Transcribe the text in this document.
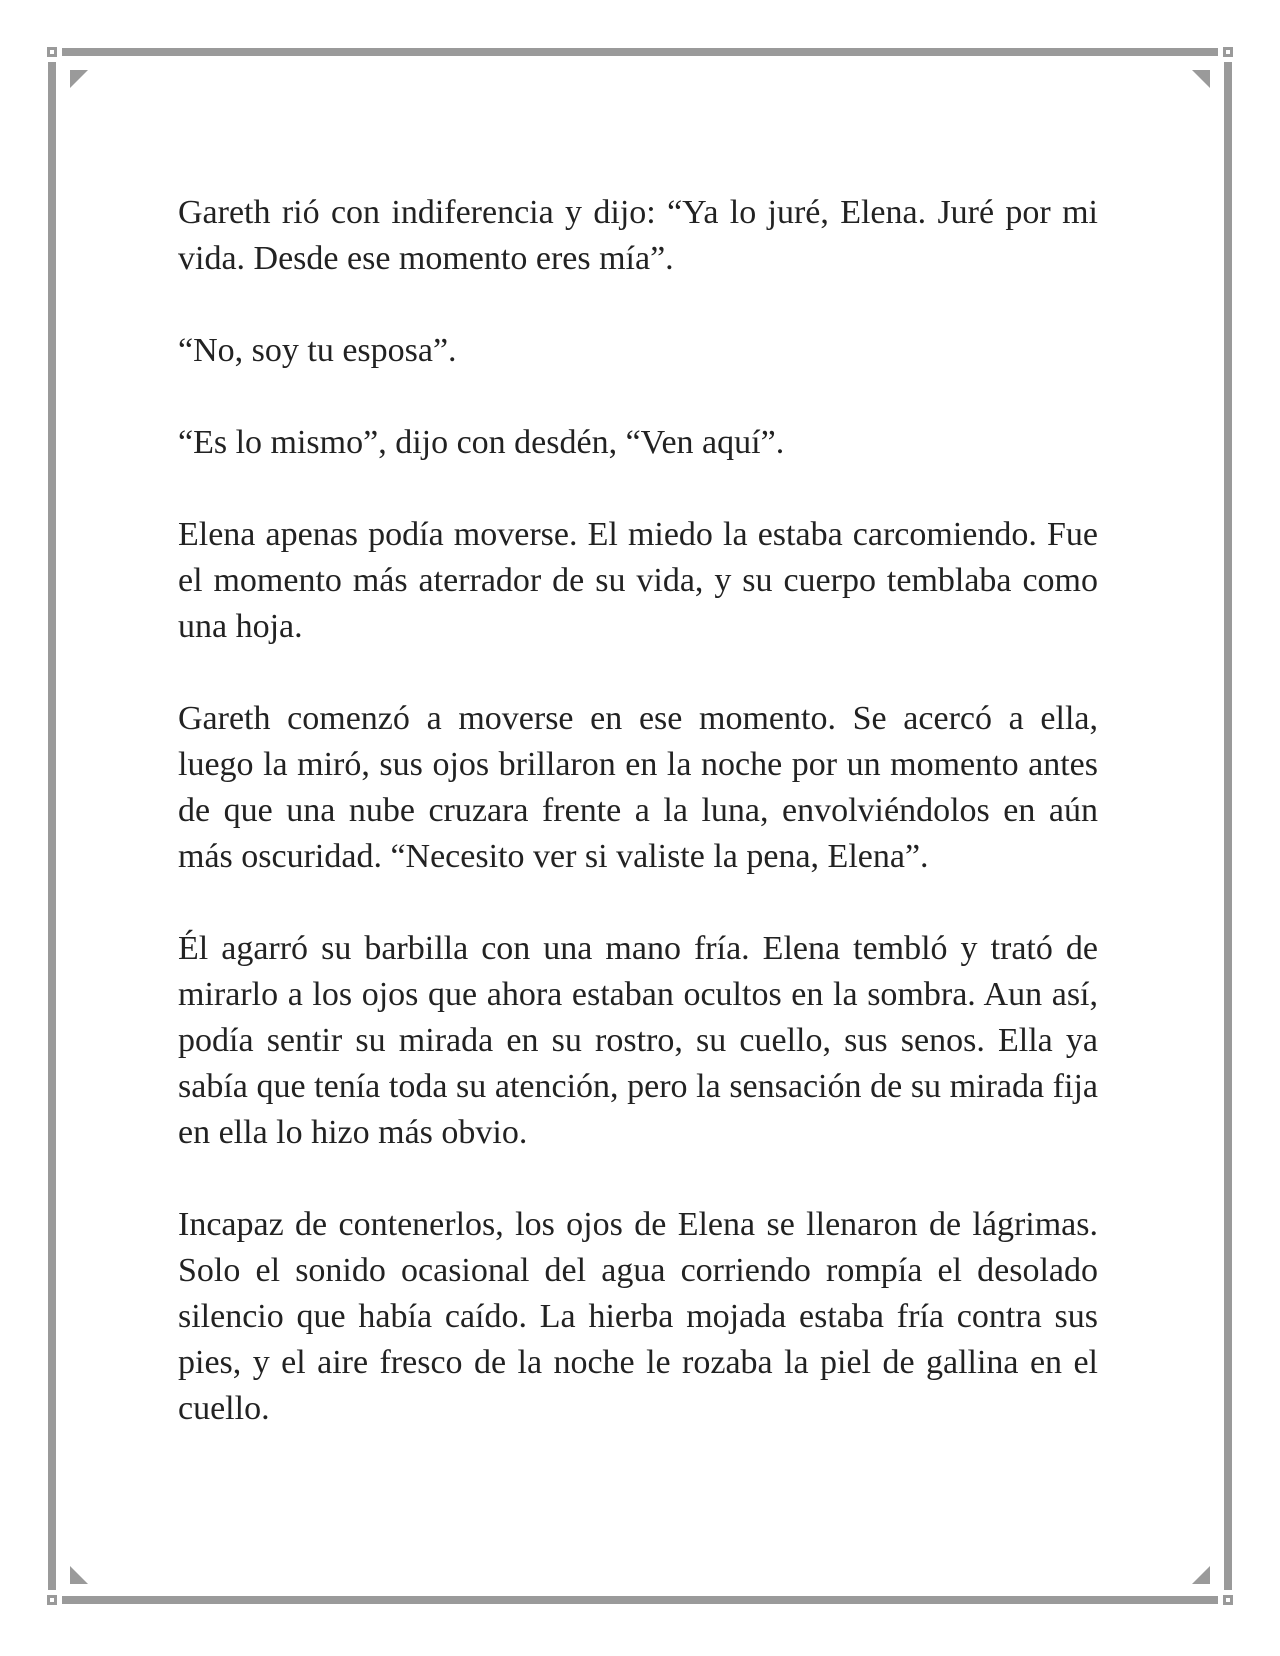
Gareth rió con indiferencia y dijo: “Ya lo juré, Elena. Juré por mi vida. Desde ese momento eres mía”.

“No, soy tu esposa”.

“Es lo mismo”, dijo con desdén, “Ven aquí”.

Elena apenas podía moverse. El miedo la estaba carcomiendo. Fue el momento más aterrador de su vida, y su cuerpo temblaba como una hoja.

Gareth comenzó a moverse en ese momento. Se acercó a ella, luego la miró, sus ojos brillaron en la noche por un momento antes de que una nube cruzara frente a la luna, envolviéndolos en aún más oscuridad. “Necesito ver si valiste la pena, Elena”.

Él agarró su barbilla con una mano fría. Elena tembló y trató de mirarlo a los ojos que ahora estaban ocultos en la sombra. Aun así, podía sentir su mirada en su rostro, su cuello, sus senos. Ella ya sabía que tenía toda su atención, pero la sensación de su mirada fija en ella lo hizo más obvio.

Incapaz de contenerlos, los ojos de Elena se llenaron de lágrimas. Solo el sonido ocasional del agua corriendo rompía el desolado silencio que había caído. La hierba mojada estaba fría contra sus pies, y el aire fresco de la noche le rozaba la piel de gallina en el cuello.
